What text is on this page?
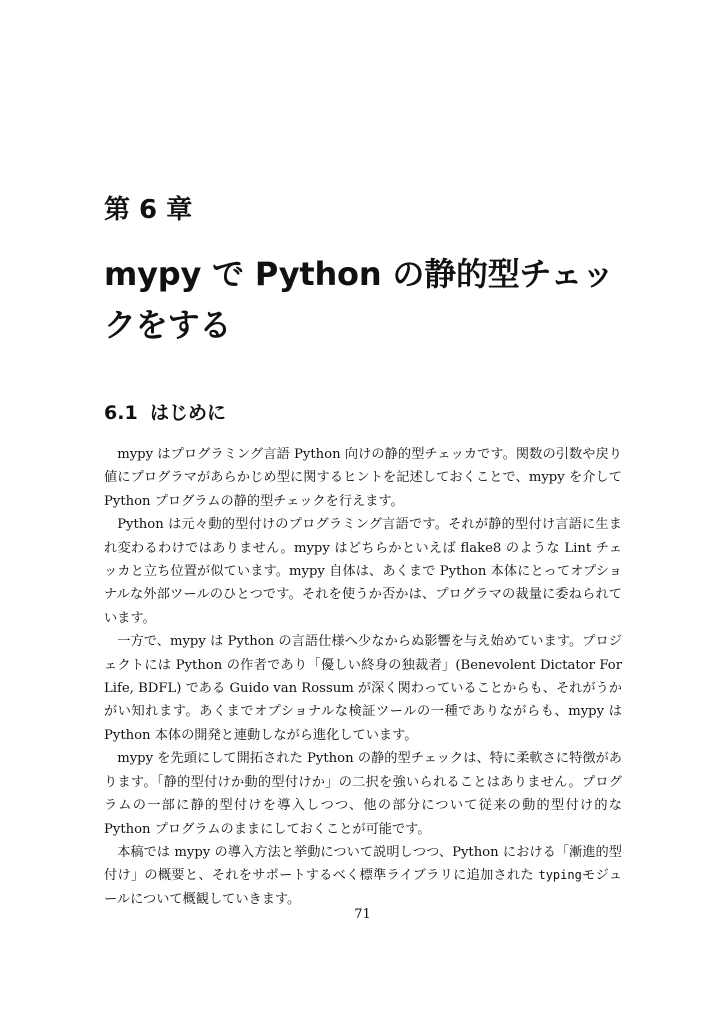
第 6 章
mypy で Python の静的型チェックをする
6.1 はじめに

mypy はプログラミング言語 Python 向けの静的型チェッカです。関数の引数や戻り値にプログラマがあらかじめ型に関するヒントを記述しておくことで、mypy を介して Python プログラムの静的型チェックを行えます。

Python は元々動的型付けのプログラミング言語です。それが静的型付け言語に生まれ変わるわけではありません。mypy はどちらかといえば flake8 のような Lint チェッカと立ち位置が似ています。mypy 自体は、あくまで Python 本体にとってオプショナルな外部ツールのひとつです。それを使うか否かは、プログラマの裁量に委ねられています。

一方で、mypy は Python の言語仕様へ少なからぬ影響を与え始めています。プロジェクトには Python の作者であり「優しい終身の独裁者」(Benevolent Dictator For Life, BDFL) である Guido van Rossum が深く関わっていることからも、それがうかがい知れます。あくまでオプショナルな検証ツールの一種でありながらも、mypy は Python 本体の開発と連動しながら進化しています。

mypy を先頭にして開拓された Python の静的型チェックは、特に柔軟さに特徴があります。「静的型付けか動的型付けか」の二択を強いられることはありません。プログラムの一部に静的型付けを導入しつつ、他の部分について従来の動的型付け的な Python プログラムのままにしておくことが可能です。

本稿では mypy の導入方法と挙動について説明しつつ、Python における「漸進的型付け」の概要と、それをサポートするべく標準ライブラリに追加された typingモジュールについて概観していきます。

71
